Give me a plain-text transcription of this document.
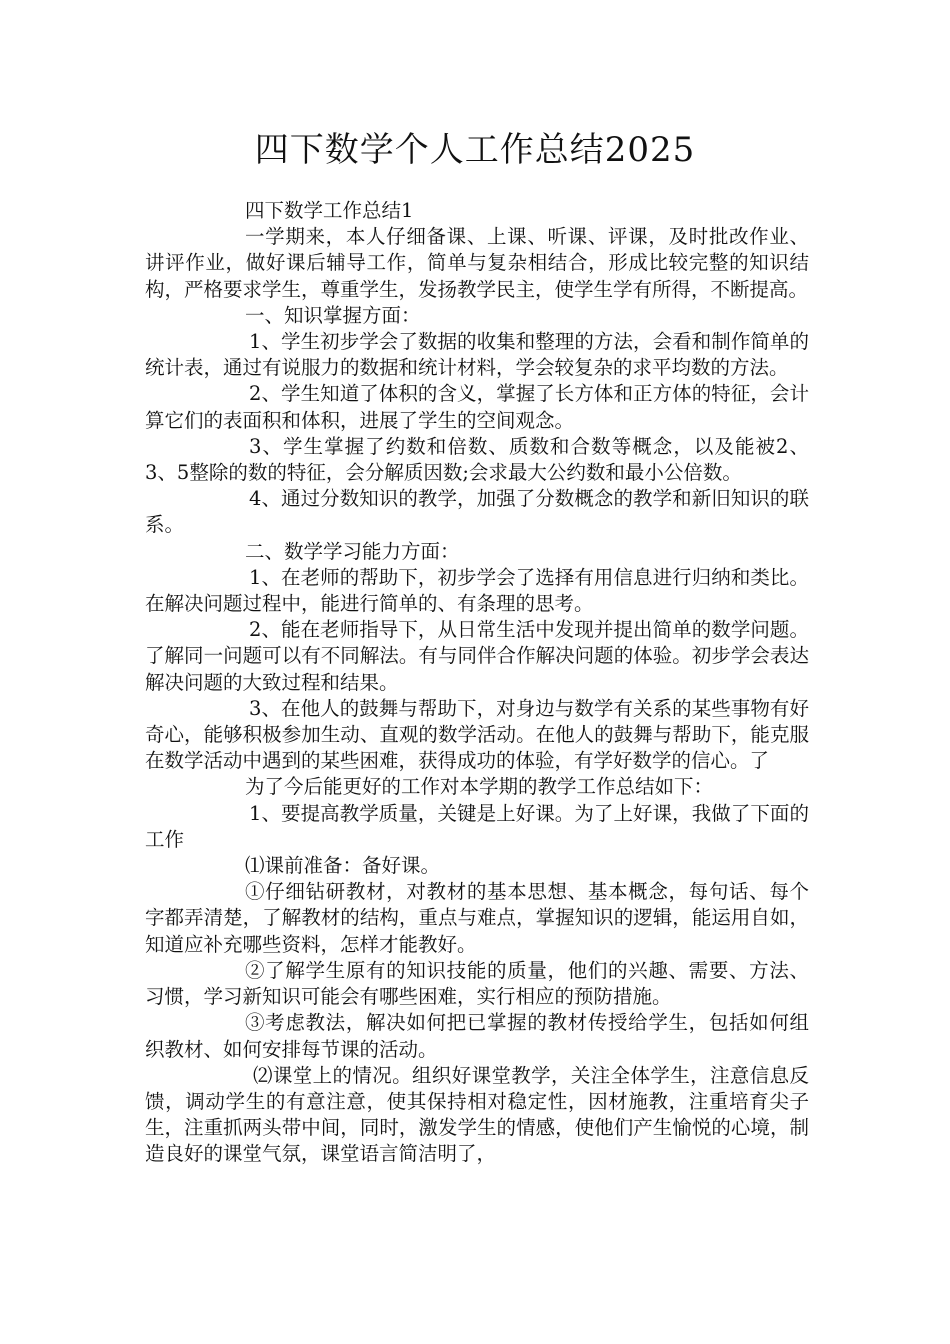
四下数学个人工作总结2025

四下数学工作总结1

一学期来，本人仔细备课、上课、听课、评课，及时批改作业、讲评作业，做好课后辅导工作，简单与复杂相结合，形成比较完整的知识结构，严格要求学生，尊重学生，发扬教学民主，使学生学有所得，不断提高。

一、知识掌握方面：

1、学生初步学会了数据的收集和整理的方法，会看和制作简单的统计表，通过有说服力的数据和统计材料，学会较复杂的求平均数的方法。

2、学生知道了体积的含义，掌握了长方体和正方体的特征，会计算它们的表面积和体积，进展了学生的空间观念。

3、学生掌握了约数和倍数、质数和合数等概念，以及能被2、3、5整除的数的特征，会分解质因数;会求最大公约数和最小公倍数。

4、通过分数知识的教学，加强了分数概念的教学和新旧知识的联系。

二、数学学习能力方面：

1、在老师的帮助下，初步学会了选择有用信息进行归纳和类比。在解决问题过程中，能进行简单的、有条理的思考。

2、能在老师指导下，从日常生活中发现并提出简单的数学问题。了解同一问题可以有不同解法。有与同伴合作解决问题的体验。初步学会表达解决问题的大致过程和结果。

3、在他人的鼓舞与帮助下，对身边与数学有关系的某些事物有好奇心，能够积极参加生动、直观的数学活动。在他人的鼓舞与帮助下，能克服在数学活动中遇到的某些困难，获得成功的体验，有学好数学的信心。了

为了今后能更好的工作对本学期的教学工作总结如下：

1、要提高教学质量，关键是上好课。为了上好课，我做了下面的工作

⑴课前准备：备好课。

①仔细钻研教材，对教材的基本思想、基本概念，每句话、每个字都弄清楚，了解教材的结构，重点与难点，掌握知识的逻辑，能运用自如，知道应补充哪些资料，怎样才能教好。

②了解学生原有的知识技能的质量，他们的兴趣、需要、方法、习惯，学习新知识可能会有哪些困难，实行相应的预防措施。

③考虑教法，解决如何把已掌握的教材传授给学生，包括如何组织教材、如何安排每节课的活动。

⑵课堂上的情况。组织好课堂教学，关注全体学生，注意信息反馈，调动学生的有意注意，使其保持相对稳定性，因材施教，注重培育尖子生，注重抓两头带中间，同时，激发学生的情感，使他们产生愉悦的心境，制造良好的课堂气氛，课堂语言简洁明了，
